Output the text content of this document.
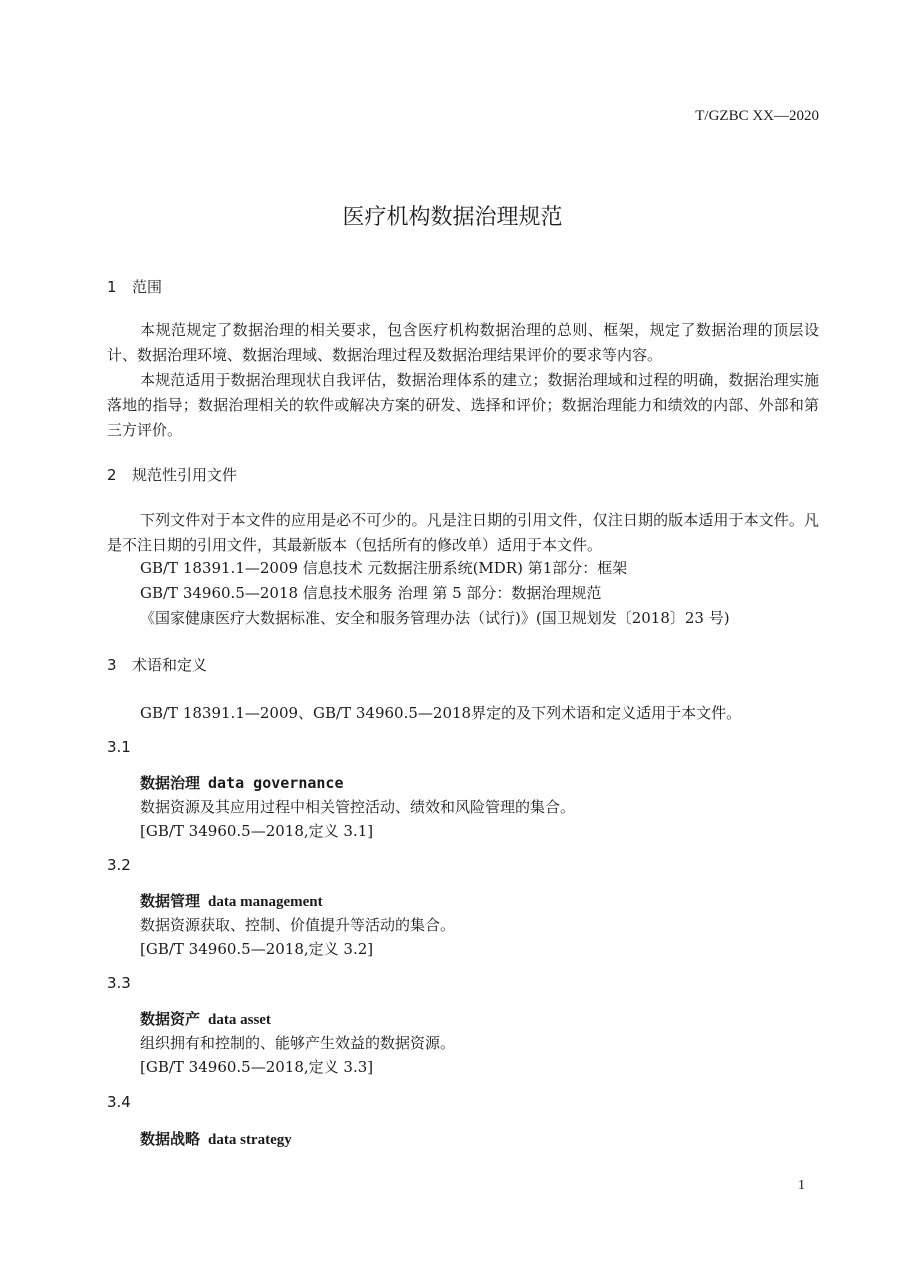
T/GZBC XX—2020
医疗机构数据治理规范
1 范围

本规范规定了数据治理的相关要求，包含医疗机构数据治理的总则、框架，规定了数据治理的顶层设计、数据治理环境、数据治理域、数据治理过程及数据治理结果评价的要求等内容。

本规范适用于数据治理现状自我评估，数据治理体系的建立；数据治理域和过程的明确，数据治理实施落地的指导；数据治理相关的软件或解决方案的研发、选择和评价；数据治理能力和绩效的内部、外部和第三方评价。

2 规范性引用文件

下列文件对于本文件的应用是必不可少的。凡是注日期的引用文件，仅注日期的版本适用于本文件。凡是不注日期的引用文件，其最新版本（包括所有的修改单）适用于本文件。

GB/T 18391.1—2009 信息技术 元数据注册系统(MDR) 第1部分：框架
GB/T 34960.5—2018 信息技术服务 治理 第 5 部分：数据治理规范
《国家健康医疗大数据标准、安全和服务管理办法（试行)》(国卫规划发〔2018〕23 号)
3 术语和定义
GB/T 18391.1—2009、GB/T 34960.5—2018界定的及下列术语和定义适用于本文件。
3.1
数据治理 data governance
数据资源及其应用过程中相关管控活动、绩效和风险管理的集合。
[GB/T 34960.5—2018,定义 3.1]
3.2
数据管理 data management
数据资源获取、控制、价值提升等活动的集合。
[GB/T 34960.5—2018,定义 3.2]
3.3
数据资产 data asset
组织拥有和控制的、能够产生效益的数据资源。
[GB/T 34960.5—2018,定义 3.3]
3.4
数据战略 data strategy
1
